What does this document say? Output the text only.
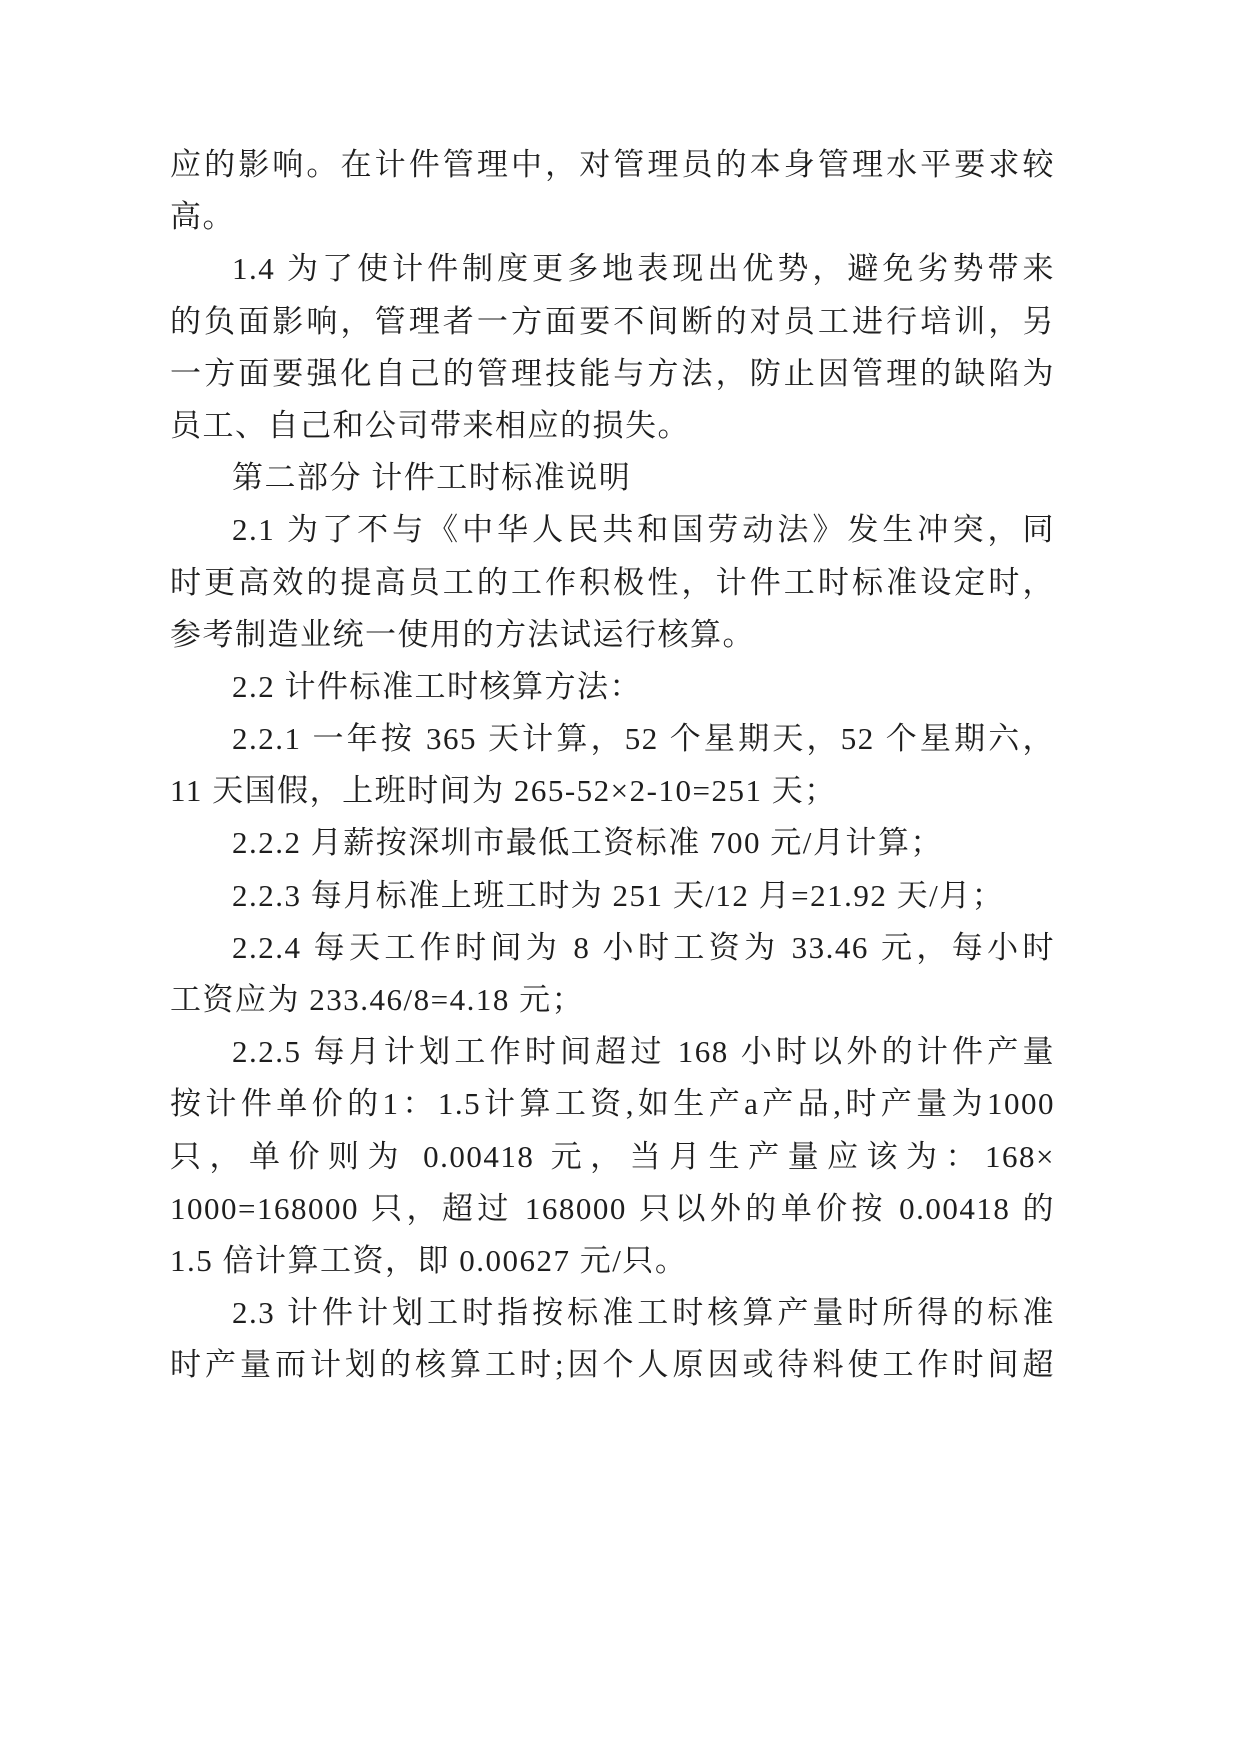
应的影响。在计件管理中，对管理员的本身管理水平要求较
高。
1.4 为了使计件制度更多地表现出优势，避免劣势带来
的负面影响，管理者一方面要不间断的对员工进行培训，另
一方面要强化自己的管理技能与方法，防止因管理的缺陷为
员工、自己和公司带来相应的损失。
第二部分 计件工时标准说明
2.1 为了不与《中华人民共和国劳动法》发生冲突，同
时更高效的提高员工的工作积极性，计件工时标准设定时，
参考制造业统一使用的方法试运行核算。
2.2 计件标准工时核算方法：
2.2.1 一年按 365 天计算，52 个星期天，52 个星期六，
11 天国假，上班时间为 265-52×2-10=251 天；
2.2.2 月薪按深圳市最低工资标准 700 元/月计算；
2.2.3 每月标准上班工时为 251 天/12 月=21.92 天/月；
2.2.4 每天工作时间为 8 小时工资为 33.46 元，每小时
工资应为 233.46/8=4.18 元；
2.2.5 每月计划工作时间超过 168 小时以外的计件产量
按计件单价的1：1.5计算工资,如生产a产品,时产量为1000
只，单价则为 0.00418 元，当月生产量应该为：168×
1000=168000 只，超过 168000 只以外的单价按 0.00418 的
1.5 倍计算工资，即 0.00627 元/只。
2.3 计件计划工时指按标准工时核算产量时所得的标准
时产量而计划的核算工时;因个人原因或待料使工作时间超
